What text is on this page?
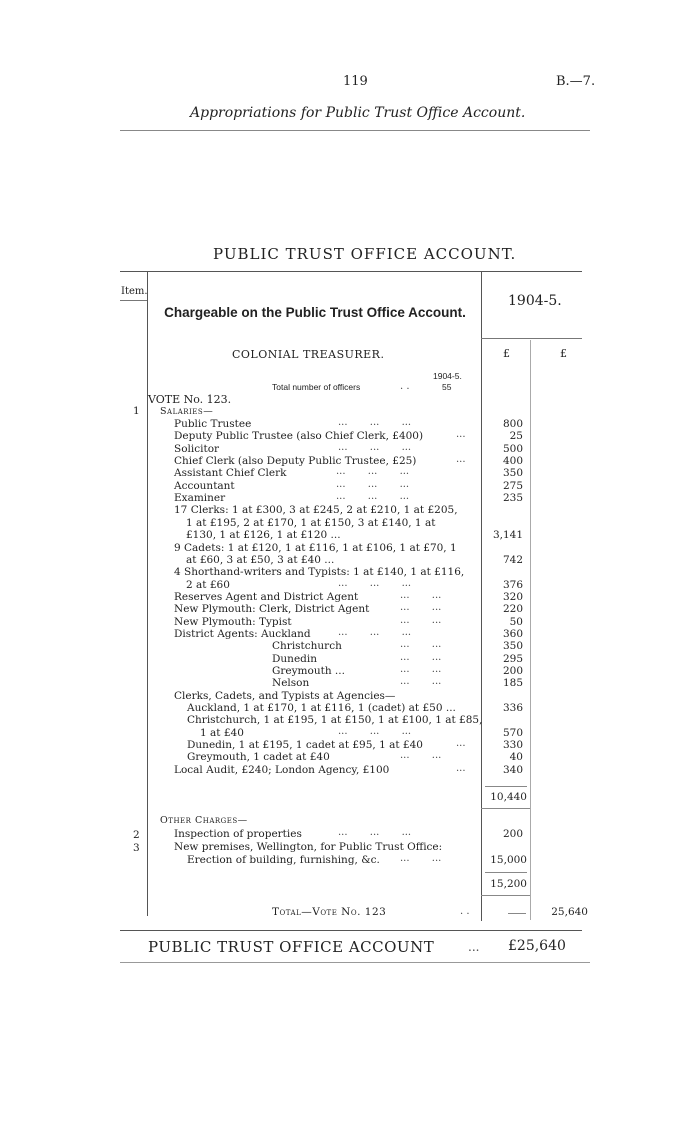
119	B.—7.
Appropriations for Public Trust Office Account.
PUBLIC TRUST OFFICE ACCOUNT.
Item.
Chargeable on the Public Trust Office Account.
1904-5.
COLONIAL TREASURER.	£	£
1904-5.
Total number of officers	. .	55
VOTE No. 123.
1 Salaries—
Public Trustee	...       ...       ...	800
Deputy Public Trustee (also Chief Clerk, £400)	...	25
Solicitor	...       ...       ...	500
Chief Clerk (also Deputy Public Trustee, £25)	...	400
Assistant Chief Clerk	...       ...       ...	350
Accountant	...       ...       ...	275
Examiner	...       ...       ...	235
17 Clerks: 1 at £300, 3 at £245, 2 at £210, 1 at £205,
1 at £195, 2 at £170, 1 at £150, 3 at £140, 1 at
£130, 1 at £126, 1 at £120 ...	3,141
9 Cadets: 1 at £120, 1 at £116, 1 at £106, 1 at £70, 1
at £60, 3 at £50, 3 at £40 ...	742
4 Shorthand-writers and Typists: 1 at £140, 1 at £116,
2 at £60	...       ...       ...	376
Reserves Agent and District Agent	...       ...	320
New Plymouth: Clerk, District Agent	...       ...	220
New Plymouth: Typist	...       ...	50
District Agents: Auckland	...       ...       ...	360
Christchurch	...       ...	350
Dunedin	...       ...	295
Greymouth ...	...       ...	200
Nelson	...       ...	185
Clerks, Cadets, and Typists at Agencies—
Auckland, 1 at £170, 1 at £116, 1 (cadet) at £50 ...	336
Christchurch, 1 at £195, 1 at £150, 1 at £100, 1 at £85,
1 at £40	...       ...       ...	570
Dunedin, 1 at £195, 1 cadet at £95, 1 at £40	...	330
Greymouth, 1 cadet at £40	...       ...	40
Local Audit, £240; London Agency, £100	...	340
10,440
Other Charges—
2	Inspection of properties	...       ...       ...	200
3	New premises, Wellington, for Public Trust Office:
Erection of building, furnishing, &c. ...       ...	15,000
15,200
Total—Vote No. 123	. .	25,640
PUBLIC TRUST OFFICE ACCOUNT	... £25,640
